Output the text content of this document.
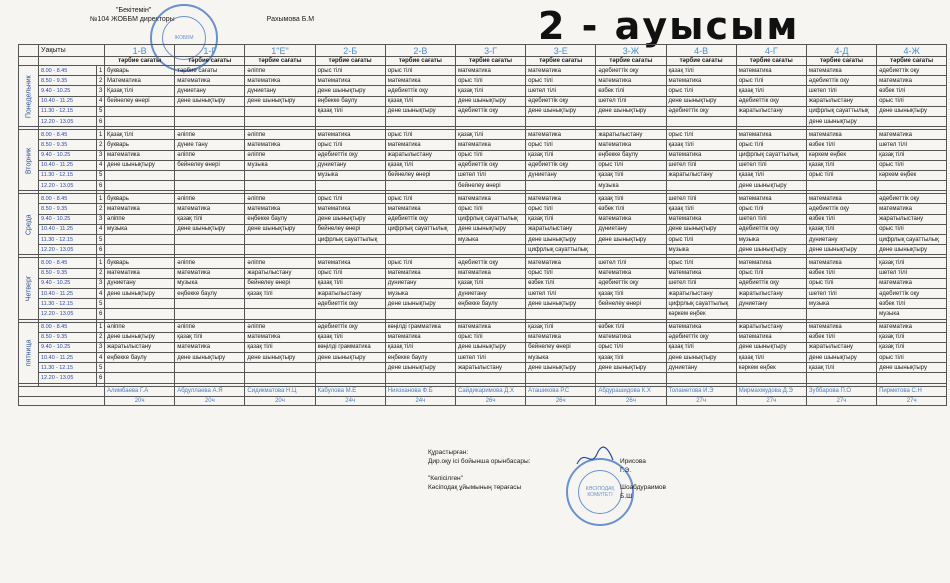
"Бекітемін"
№104 ЖОББМ директоры	Рахымова Б.М
ЖОББМ	2 - ауысым
	Уақыты		1-В	1-Г	1"Е"	2-Б	2-В	3-Г	3-Е	3-Ж	4-В	4-Г	4-Д	4-Ж
			тәрбие сағаты	тәрбие сағаты	тәрбие сағаты	тәрбие сағаты	тәрбие сағаты	тәрбие сағаты	тәрбие сағаты	тәрбие сағаты	тәрбие сағаты	тәрбие сағаты	тәрбие сағаты	тәрбие сағаты
Понедельник	8.00 - 8.45	1	букварь	тәрбие сағаты	әліппе	орыс тілі	орыс тілі	математика	математика	әдебиеттік оқу	қазақ тілі	математика	математика	әдебиеттік оқу
	8.50 - 9.35	2	Математика	математика	математика	математика	математика	орыс тілі	орыс тілі	математика	математика	орыс тілі	әдебиеттік оқу	математика
	9.40 - 10.25	3	Қазақ тілі	дүниетану	дүниетану	дене шынықтыру	әдебиеттік оқу	қазақ тілі	шетел тілі	өзбек тілі	орыс тілі	қазақ тілі	шетел тілі	өзбек тілі
	10.40 - 11.25	4	бейнелеу өнері	дене шынықтыру	дене шынықтыру	еңбекке баулу	қазақ тілі	дене шынықтыру	әдебиеттік оқу	шетел тілі	дене шынықтыру	әдебиеттік оқу	жаратылыстану	орыс тілі
	11.30 - 12.15	5				қазақ тілі	дене шынықтыру	әдебиеттік оқу	дене шынықтыру	дене шынықтыру	әдебиеттік оқу	жаратылыстану	цифрлық сауаттылық	дене шынықтыру
	12.20 - 13.05	6											дене шынықтыру	

Вторник	8.00 - 8.45	1	Қазақ тілі	әліппе	әліппе	математика	орыс тілі	қазақ тілі	математика	жаратылыстану	орыс тілі	математика	математика	математика
	8.50 - 9.35	2	букварь	дүние тану	математика	орыс тілі	математика	математика	орыс тілі	математика	қазақ тілі	орыс тілі	өзбек тілі	шетел тілі
	9.40 - 10.25	3	математика	әліппе	әліппе	әдебиеттік оқу	жаратылыстану	орыс тілі	қазақ тілі	еңбекке баулу	математика	цифрлық сауаттылық	кәркем еңбек	қазақ тілі
	10.40 - 11.25	4	дене шынықтыру	бейнелеу өнері	музыка	дүниетану	қазақ тілі	әдебиеттік оқу	әдебиеттік оқу	орыс тілі	шетел тілі	шетел тілі	қазақ тілі	орыс тілі
	11.30 - 12.15	5				музыка	бейнелеу өнері	шетел тілі	дүниетану	қазақ тілі	жаратылыстану	қазақ тілі	орыс тілі	кәркем еңбек
	12.20 - 13.05	6						бейнелеу өнері		музыка		дене шынықтыру		

Среда	8.00 - 8.45	1	букварь	әліппе	әліппе	орыс тілі	орыс тілі	математика	математика	қазақ тілі	шетел тілі	математика	математика	әдебиеттік оқу
	8.50 - 9.35	2	математика	математика	математика	математика	математика	орыс тілі	орыс тілі	өзбек тілі	қазақ тілі	орыс тілі	әдебиеттік оқу	математика
	9.40 - 10.25	3	әліппе	қазақ тілі	еңбекке баулу	дене шынықтыру	әдебиеттік оқу	цифрлық сауаттылық	қазақ тілі	математика	математика	шетел тілі	өзбек тілі	жаратылыстану
	10.40 - 11.25	4	музыка	дене шынықтыру	дене шынықтыру	бейнелеу өнері	цифрлық сауаттылық	дене шынықтыру	жаратылыстану	дүниетану	дене шынықтыру	әдебиеттік оқу	қазақ тілі	орыс тілі
	11.30 - 12.15	5				цифрлық сауаттылық		музыка	дене шынықтыру	дене шынықтыру	орыс тілі	музыка	дүниетану	цифрлық сауаттылық
	12.20 - 13.05	6							цифрлық сауаттылық		музыка	дене шынықтыру	дене шынықтыру	дене шынықтыру

Четверг	8.00 - 8.45	1	букварь	әліппе	әліппе	математика	орыс тілі	әдебиеттік оқу	математика	шетел тілі	орыс тілі	математика	математика	қазақ тілі
	8.50 - 9.35	2	математика	математика	жаратылыстану	орыс тілі	математика	математика	орыс тілі	математика	математика	орыс тілі	өзбек тілі	шетел тілі
	9.40 - 10.25	3	дүниетану	музыка	бейнелеу өнері	қазақ тілі	дүниетану	қазақ тілі	өзбек тілі	әдебиеттік оқу	шетел тілі	әдебиеттік оқу	орыс тілі	математика
	10.40 - 11.25	4	дене шынықтыру	еңбекке баулу	қазақ тілі	жаратылыстану	музыка	дүниетану	шетел тілі	қазақ тілі	жаратылыстану	жаратылыстану	шетел тілі	әдебиеттік оқу
	11.30 - 12.15	5				әдебиеттік оқу	дене шынықтыру	еңбекке баулу	дене шынықтыру	бейнелеу өнері	цифрлық сауаттылық	дүниетану	музыка	өзбек тілі
	12.20 - 13.05	6									кәркем еңбек			музыка

пятница	8.00 - 8.45	1	әліппе	әліппе	әліппе	әдебиеттік оқу	көңілді грамматика	математика	қазақ тілі	өзбек тілі	математика	жаратылыстану	математика	математика
	8.50 - 9.35	2	дене шынықтыру	қазақ тілі	математика	қазақ тілі	математика	орыс тілі	математика	математика	әдебиеттік оқу	математика	өзбек тілі	қазақ тілі
	9.40 - 10.25	3	жаратылыстану	математика	қазақ тілі	көңілді грамматика	қазақ тілі	дене шынықтыру	бейнелеу өнері	орыс тілі	қазақ тілі	дене шынықтыру	жаратылыстану	қазақ тілі
	10.40 - 11.25	4	еңбекке баулу	дене шынықтыру	дене шынықтыру	дене шынықтыру	еңбекке баулу	шетел тілі	музыка	қазақ тілі	дене шынықтыру	қазақ тілі	дене шынықтыру	орыс тілі
	11.30 - 12.15	5					дене шынықтыру	жаратылыстану	дене шынықтыру	дене шынықтыру	дүниетану	кәркем еңбек	қазақ тілі	дене шынықтыру
	12.20 - 13.05	6												

			Алимбаева Г.А	Абдуллаева А.Я	Сидикматова Н.Ц	Кабулова М.Е	Ниязханова Ф.Б	Сайдикаримова Д.Х	Аташикова Р.С	Абдурашидова К.Х	Толаметова И.Э	Мирмахмудова Д.Э	Зуббарова П.О	Пирметова С.Н
			20ч	20ч	20ч	24ч	24ч	26ч	26ч	26ч	27ч	27ч	27ч	27ч
КӘСІПОДАҚ КОМИТЕТІ
Құрастырған:
Дир.оқу ісі бойынша орынбасары:	Ирисова Г.Э.
"Келісілген"
Кәсіподақ ұйымының төрағасы	Шоабдураимов Б.Ш
